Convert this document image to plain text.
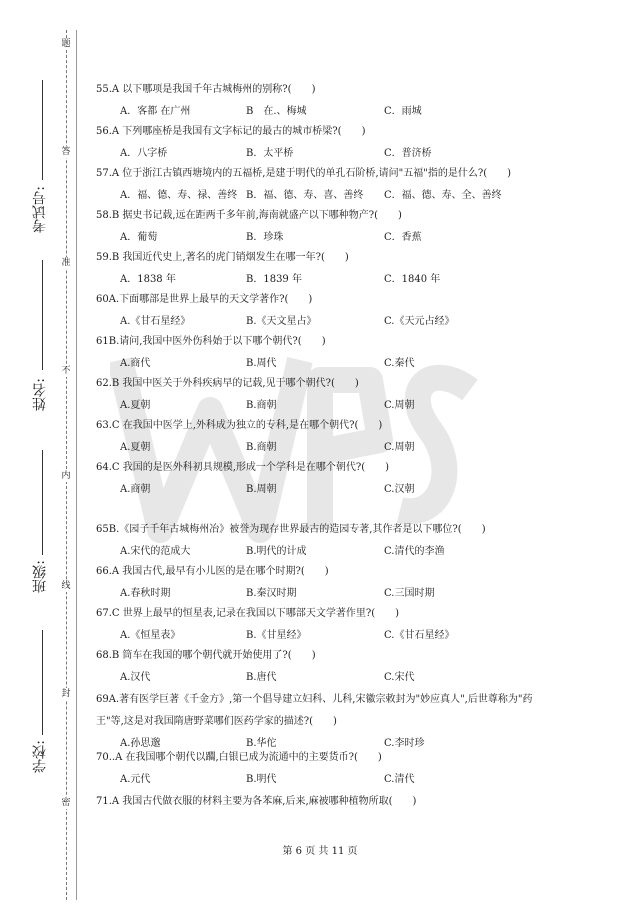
题
答
准
不
内
线
封
密
考试号:
姓名:
班级:
学校:
55.A 以下哪项是我国千年古城梅州的别称?(　　)
A．客都 在广州	B　在.、梅城	C．雨城
56.A 下列哪座桥是我国有文字标记的最古的城市桥梁?(　　)
A．八字桥	B．太平桥	C．普济桥
57.A 位于浙江古镇西塘境内的五福桥,是建于明代的单孔石阶桥,请问"五福"指的是什么?(　　)
A．福、德、寿、禄、善终 B．福、德、寿、喜、善终 C．福、德、寿、全、善终
58.B 据史书记载,远在距两千多年前,海南就盛产以下哪种物产?(　　)
A．葡萄	B．珍珠	C．香蕉
59.B 我国近代史上,著名的虎门销烟发生在哪一年?(　　)
A．1838 年	B．1839 年	C．1840 年
60A.下面哪部是世界上最早的天文学著作?(　　)
A.《甘石星经》	B.《天文星占》	C.《天元占经》
61B.请问,我国中医外伤科始于以下哪个朝代?(　　)
A.商代	B.周代	C.秦代
62.B 我国中医关于外科疾病早的记载,见于哪个朝代?(　　)
A.夏朝	B.商朝	C.周朝
63.C 在我国中医学上,外科成为独立的专科,是在哪个朝代?(　　)
A.夏朝	B.商朝	C.周朝
64.C 我国的是医外科初具规模,形成一个学科是在哪个朝代?(　　)
A.商朝	B.周朝	C.汉朝
65B.《园子千年古城梅州冶》被誉为现存世界最古的造园专著,其作者是以下哪位?(　　)
A.宋代的范成大	B.明代的计成	C.清代的李渔
66.A 我国古代,最早有小儿医的是在哪个时期?(　　)
A.春秋时期	B.秦汉时期	C.三国时期
67.C 世界上最早的恒星表,记录在我国以下哪部天文学著作里?(　　)
A.《恒星表》	B.《甘星经》	C.《甘石星经》
68.B 筒车在我国的哪个朝代就开始使用了?(　　)
A.汉代	B.唐代	C.宋代
69A.著有医学巨著《千金方》,第一个倡导建立妇科、儿科,宋徽宗敕封为"妙应真人",后世尊称为"药
王"等,这是对我国隋唐野菜哪们医药学家的描述?(　　)
A.孙思邈	B.华佗	C.李时珍
70..A 在我国哪个朝代以躢,白银已成为流通中的主要货币?(　　)
A.元代	B.明代	C.清代
71.A 我国古代做衣服的材料主要为各苯麻,后来,麻被哪种植物所取(　　)
第 6 页 共 11 页
